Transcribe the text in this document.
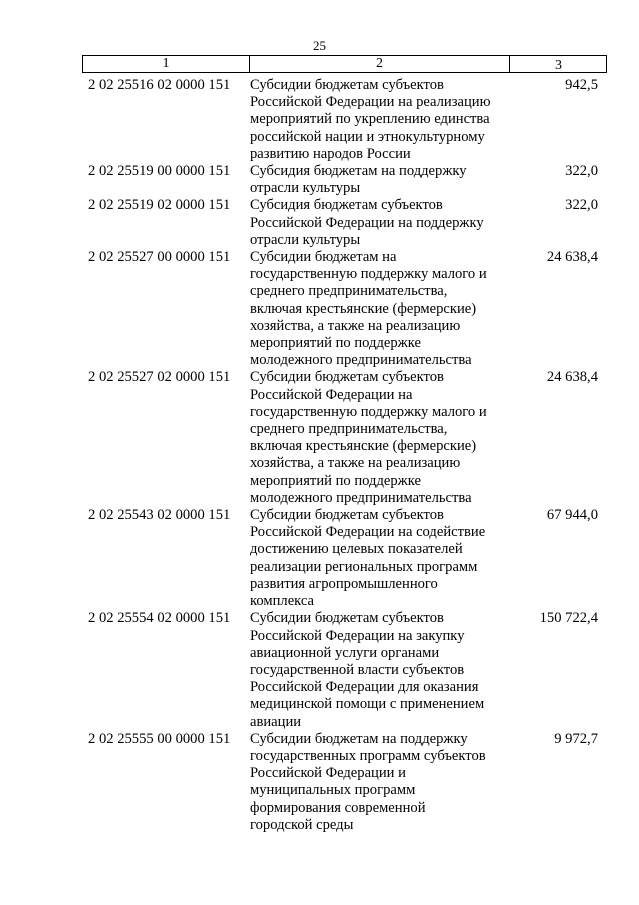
25
1	2	3
2 02 25516 02 0000 151	Субсидии бюджетам субъектов
Российской Федерации на реализацию
мероприятий по укреплению единства
российской нации и этнокультурному
развитию народов России
942,5
2 02 25519 00 0000 151	Субсидия бюджетам на поддержку
отрасли культуры
322,0
2 02 25519 02 0000 151	Субсидия бюджетам субъектов
Российской Федерации на поддержку
отрасли культуры
322,0
2 02 25527 00 0000 151	Субсидии бюджетам на
государственную поддержку малого и
среднего предпринимательства,
включая крестьянские (фермерские)
хозяйства, а также на реализацию
мероприятий по поддержке
молодежного предпринимательства
24 638,4
2 02 25527 02 0000 151	Субсидии бюджетам субъектов
Российской Федерации на
государственную поддержку малого и
среднего предпринимательства,
включая крестьянские (фермерские)
хозяйства, а также на реализацию
мероприятий по поддержке
молодежного предпринимательства
24 638,4
2 02 25543 02 0000 151	Субсидии бюджетам субъектов
Российской Федерации на содействие
достижению целевых показателей
реализации региональных программ
развития агропромышленного
комплекса
67 944,0
2 02 25554 02 0000 151	Субсидии бюджетам субъектов
Российской Федерации на закупку
авиационной услуги органами
государственной власти субъектов
Российской Федерации для оказания
медицинской помощи с применением
авиации
150 722,4
2 02 25555 00 0000 151	Субсидии бюджетам на поддержку
государственных программ субъектов
Российской Федерации и
муниципальных программ
формирования современной
городской среды
9 972,7
